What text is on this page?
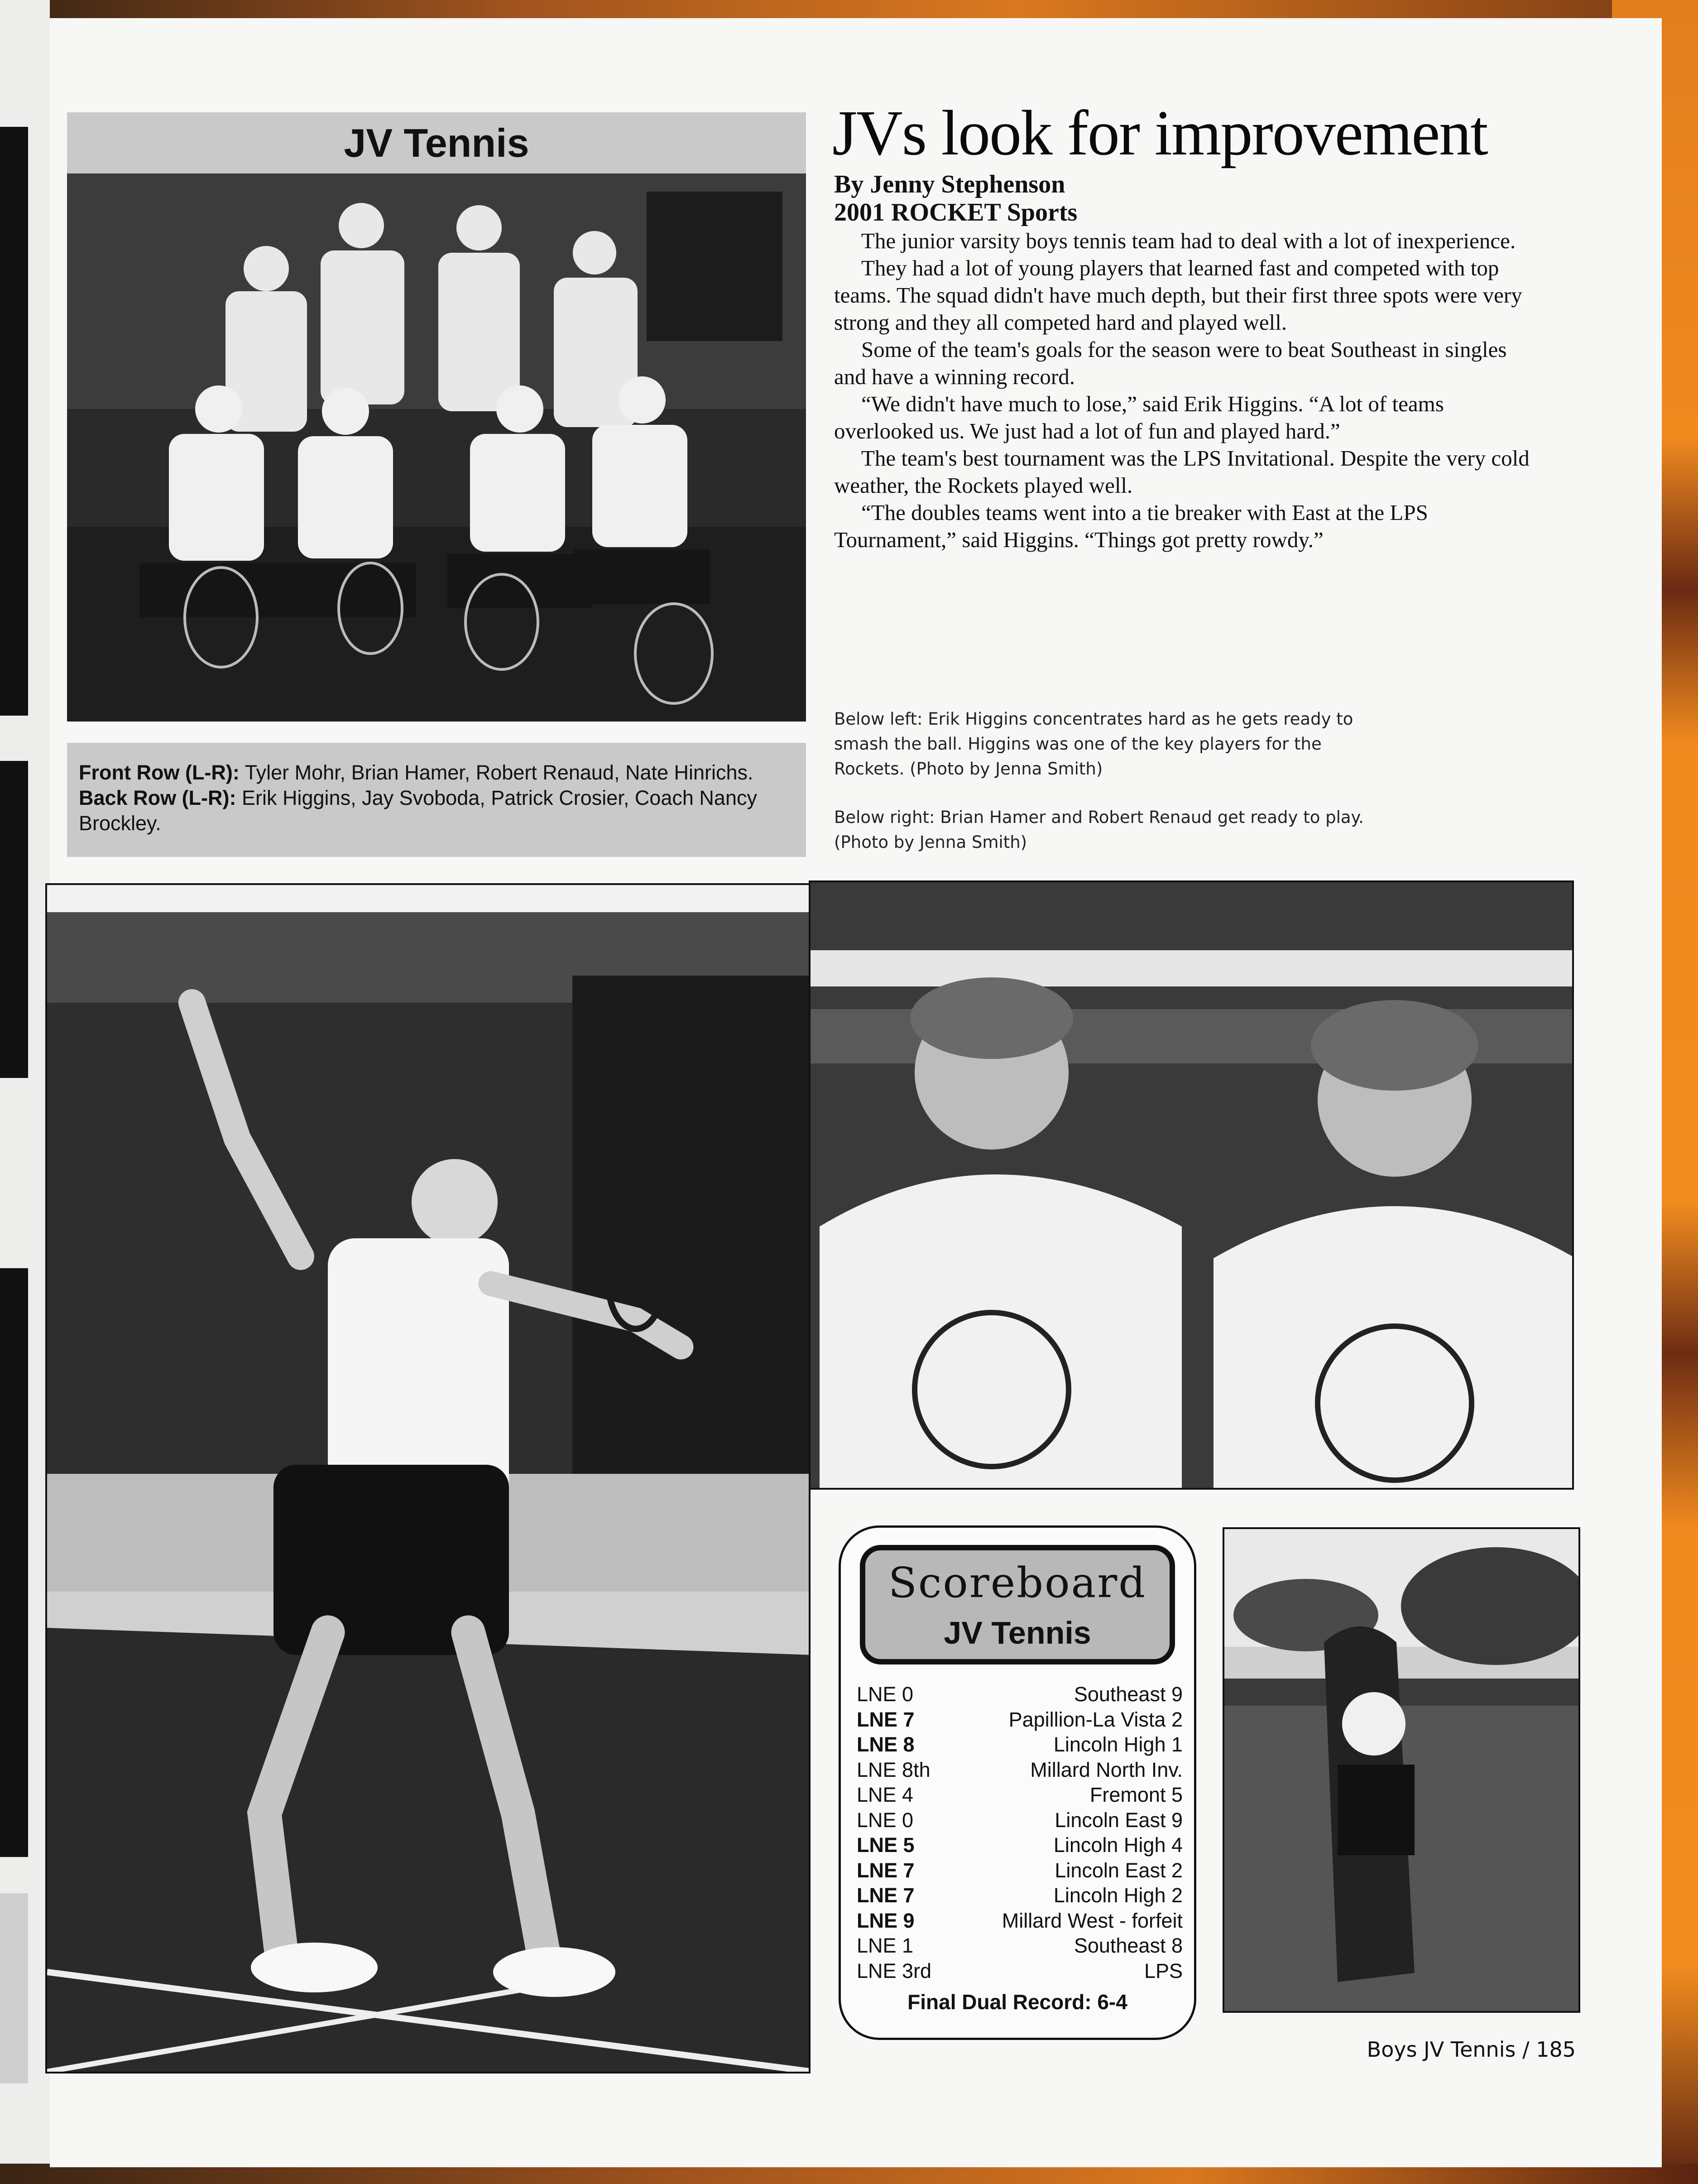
JV Tennis
Front Row (L-R): Tyler Mohr, Brian Hamer, Robert Renaud, Nate Hinrichs.
Back Row (L-R): Erik Higgins, Jay Svoboda, Patrick Crosier, Coach Nancy Brockley.
JVs look for improvement
By Jenny Stephenson
2001 ROCKET Sports

The junior varsity boys tennis team had to deal with a lot of inexperience.

They had a lot of young players that learned fast and competed with top teams. The squad didn't have much depth, but their first three spots were very strong and they all competed hard and played well.

Some of the team's goals for the season were to beat Southeast in singles and have a winning record.

“We didn't have much to lose,” said Erik Higgins. “A lot of teams overlooked us. We just had a lot of fun and played hard.”

The team's best tournament was the LPS Invitational. Despite the very cold weather, the Rockets played well.

“The doubles teams went into a tie breaker with East at the LPS Tournament,” said Higgins. “Things got pretty rowdy.”

Below left: Erik Higgins concentrates hard as he gets ready to smash the ball. Higgins was one of the key players for the Rockets. (Photo by Jenna Smith)

Below right: Brian Hamer and Robert Renaud get ready to play. (Photo by Jenna Smith)

Scoreboard
JV Tennis
LNE 0	Southeast 9
LNE 7	Papillion-La Vista 2
LNE 8	Lincoln High 1
LNE 8th	Millard North Inv.
LNE 4	Fremont 5
LNE 0	Lincoln East 9
LNE 5	Lincoln High 4
LNE 7	Lincoln East 2
LNE 7	Lincoln High 2
LNE 9	Millard West - forfeit
LNE 1	Southeast 8
LNE 3rd	LPS
Final Dual Record: 6-4
Boys JV Tennis / 185
